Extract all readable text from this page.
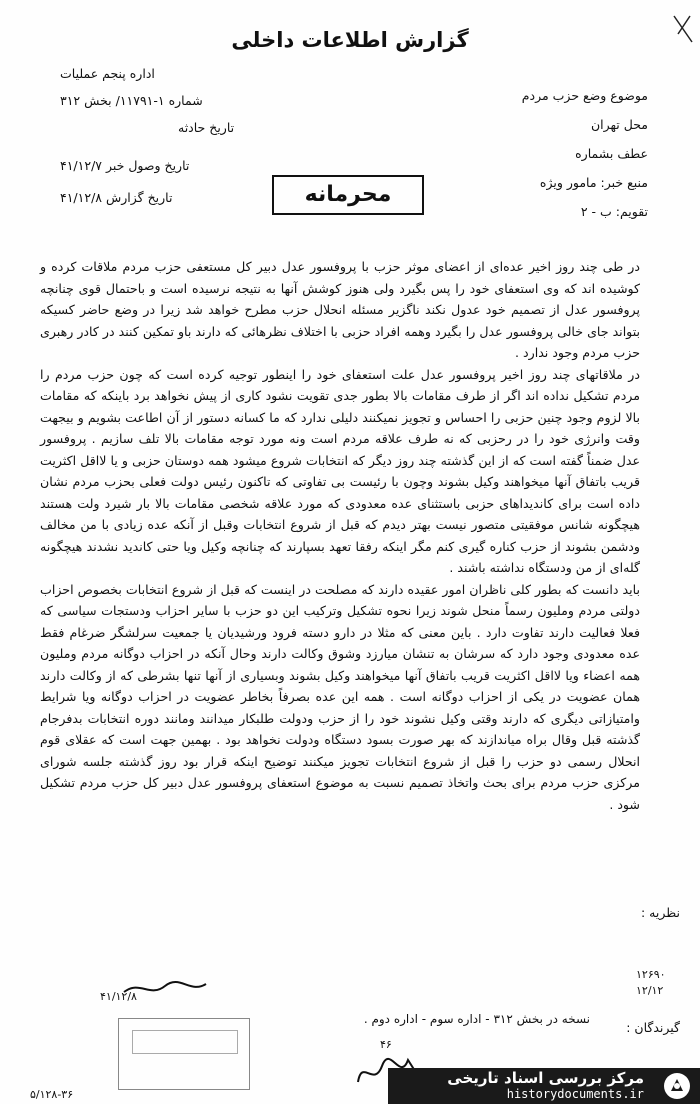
گزارش اطلاعات داخلی
موضوع وضع حزب مردم
محل تهران
عطف بشماره
منبع خبر: مامور ویژه
تقویم: ب - ۲
اداره پنجم عملیات
شماره ۱-۱۱۷۹۱/ بخش ۳۱۲
تاریخ حادثه
تاریخ وصول خبر ۴۱/۱۲/۷
تاریخ گزارش ۴۱/۱۲/۸	محرمانه

در طی چند روز اخیر عده‌ای از اعضای موثر حزب با پروفسور عدل دبیر کل مستعفی حزب مردم ملاقات کرده و کوشیده اند که وی استعفای خود را پس بگیرد ولی هنوز کوشش آنها به نتیجه نرسیده است و باحتمال قوی چنانچه پروفسور عدل از تصمیم خود عدول نکند ناگزیر مسئله انحلال حزب مطرح خواهد شد زیرا در وضع حاضر کسیکه بتواند جای خالی پروفسور عدل را بگیرد وهمه افراد حزبی با اختلاف نظرهائی که دارند باو تمکین کنند در کادر رهبری حزب مردم وجود ندارد .

در ملاقاتهای چند روز اخیر پروفسور عدل علت استعفای خود را اینطور توجیه کرده است که چون حزب مردم را مردم تشکیل نداده اند اگر از طرف مقامات بالا بطور جدی تقویت نشود کاری از پیش نخواهد برد باینکه که مقامات بالا لزوم وجود چنین حزبی را احساس و تجویز نمیکنند دلیلی ندارد که ما کسانه دستور از آن اطاعت بشویم و بیجهت وقت وانرژی خود را در رحزبی که نه طرف علاقه مردم است ونه مورد توجه مقامات بالا تلف سازیم . پروفسور عدل ضمناً گفته است که از این گذشته چند روز دیگر که انتخابات شروع میشود همه دوستان حزبی و یا لااقل اکثریت قریب باتفاق آنها میخواهند وکیل بشوند وچون با رئیست بی تفاوتی که تاکنون رئیس دولت فعلی بحزب مردم نشان داده است برای کاندیداهای حزبی باستثنای عده معدودی که مورد علاقه شخصی مقامات بالا بار شیرد ولت هستند هیچگونه شانس موفقیتی متصور نیست بهتر دیدم که قبل از شروع انتخابات وقبل از آنکه عده زیادی با من مخالف ودشمن بشوند از حزب کناره گیری کنم مگر اینکه رفقا تعهد بسپارند که چنانچه وکیل ویا حتی کاندید نشدند هیچگونه گله‌ای از من ودستگاه نداشته باشند .

باید دانست که بطور کلی ناظران امور عقیده دارند که مصلحت در اینست که قبل از شروع انتخابات بخصوص احزاب دولتی مردم وملیون رسماً منحل شوند زیرا نحوه تشکیل وترکیب این دو حزب با سایر احزاب ودستجات سیاسی که فعلا فعالیت دارند تفاوت دارد . باین معنی که مثلا در دارو دسته فرود ورشیدیان یا جمعیت سرلشگر ضرغام فقط عده معدودی وجود دارد که سرشان به تنشان میارزد وشوق وکالت دارند وحال آنکه در احزاب دوگانه مردم وملیون همه اعضاء ویا لااقل اکثریت قریب باتفاق آنها میخواهند وکیل بشوند وبسیاری از آنها تنها بشرطی که از وکالت دارند همان عضویت در یکی از احزاب دوگانه است . همه این عده بصرفاً بخاطر عضویت در احزاب دوگانه ویا شرایط وامتیازاتی دیگری که دارند وقتی وکیل نشوند خود را از حزب ودولت طلبکار میدانند ومانند دوره انتخابات بدفرجام گذشته قبل وقال براه میاندازند که بهر صورت بسود دستگاه ودولت نخواهد بود . بهمین جهت است که عقلای قوم انحلال رسمی دو حزب را قبل از شروع انتخابات تجویز میکنند توضیح اینکه قرار بود روز گذشته جلسه شورای مرکزی حزب مردم برای بحث واتخاذ تصمیم نسبت به موضوع استعفای پروفسور عدل دبیر کل حزب مردم تشکیل شود .

نظریه :
۱۲۶۹۰
۱۲/۱۲
۴۱/۱۲/۸
۵/۱۲۸-۳۶
۴۶
گیرندگان :
نسخه در بخش ۳۱۲ - اداره سوم - اداره دوم .
مرکز بررسی اسناد تاریخی
historydocuments.ir
